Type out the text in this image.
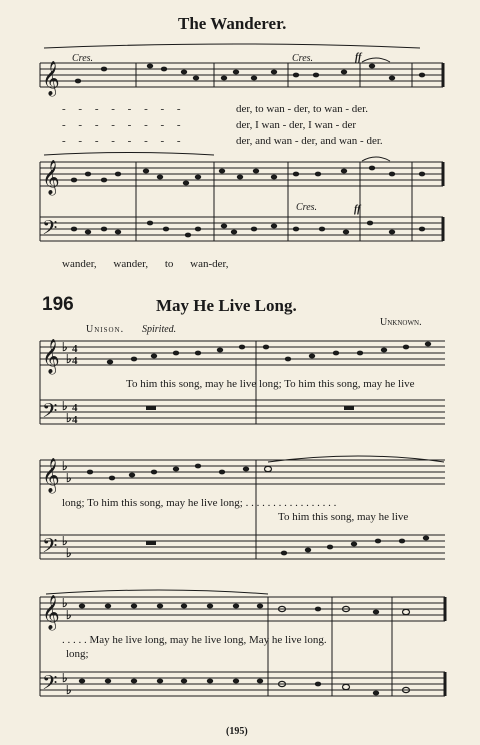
The Wanderer.
Cres.	Cres.	ff
Cres.	ff
- - - - - - - -	der, to wan - der, to wan - der.
- - - - - - - -	der, I wan - der, I wan - der
- - - - - - - -	der, and wan - der, and wan - der.
wander, wander, to wan-der,
196	May He Live Long.
Unknown.
Unison. Spirited.
To him this song, may he live long; To him this song, may he live
long; To him this song, may he live long; . . . . . . . . . . . . . . . . .
To him this song, may he live
. . . . . May he live long, may he live long, May he live long.
long;
(195)
𝄞
𝄞
𝄢
𝄞
𝄢
𝄞
𝄢
𝄞
𝄢
4
4
4
4
♭
♭
♭
♭
♭
♭
♭
♭
♭
♭
♭
♭
